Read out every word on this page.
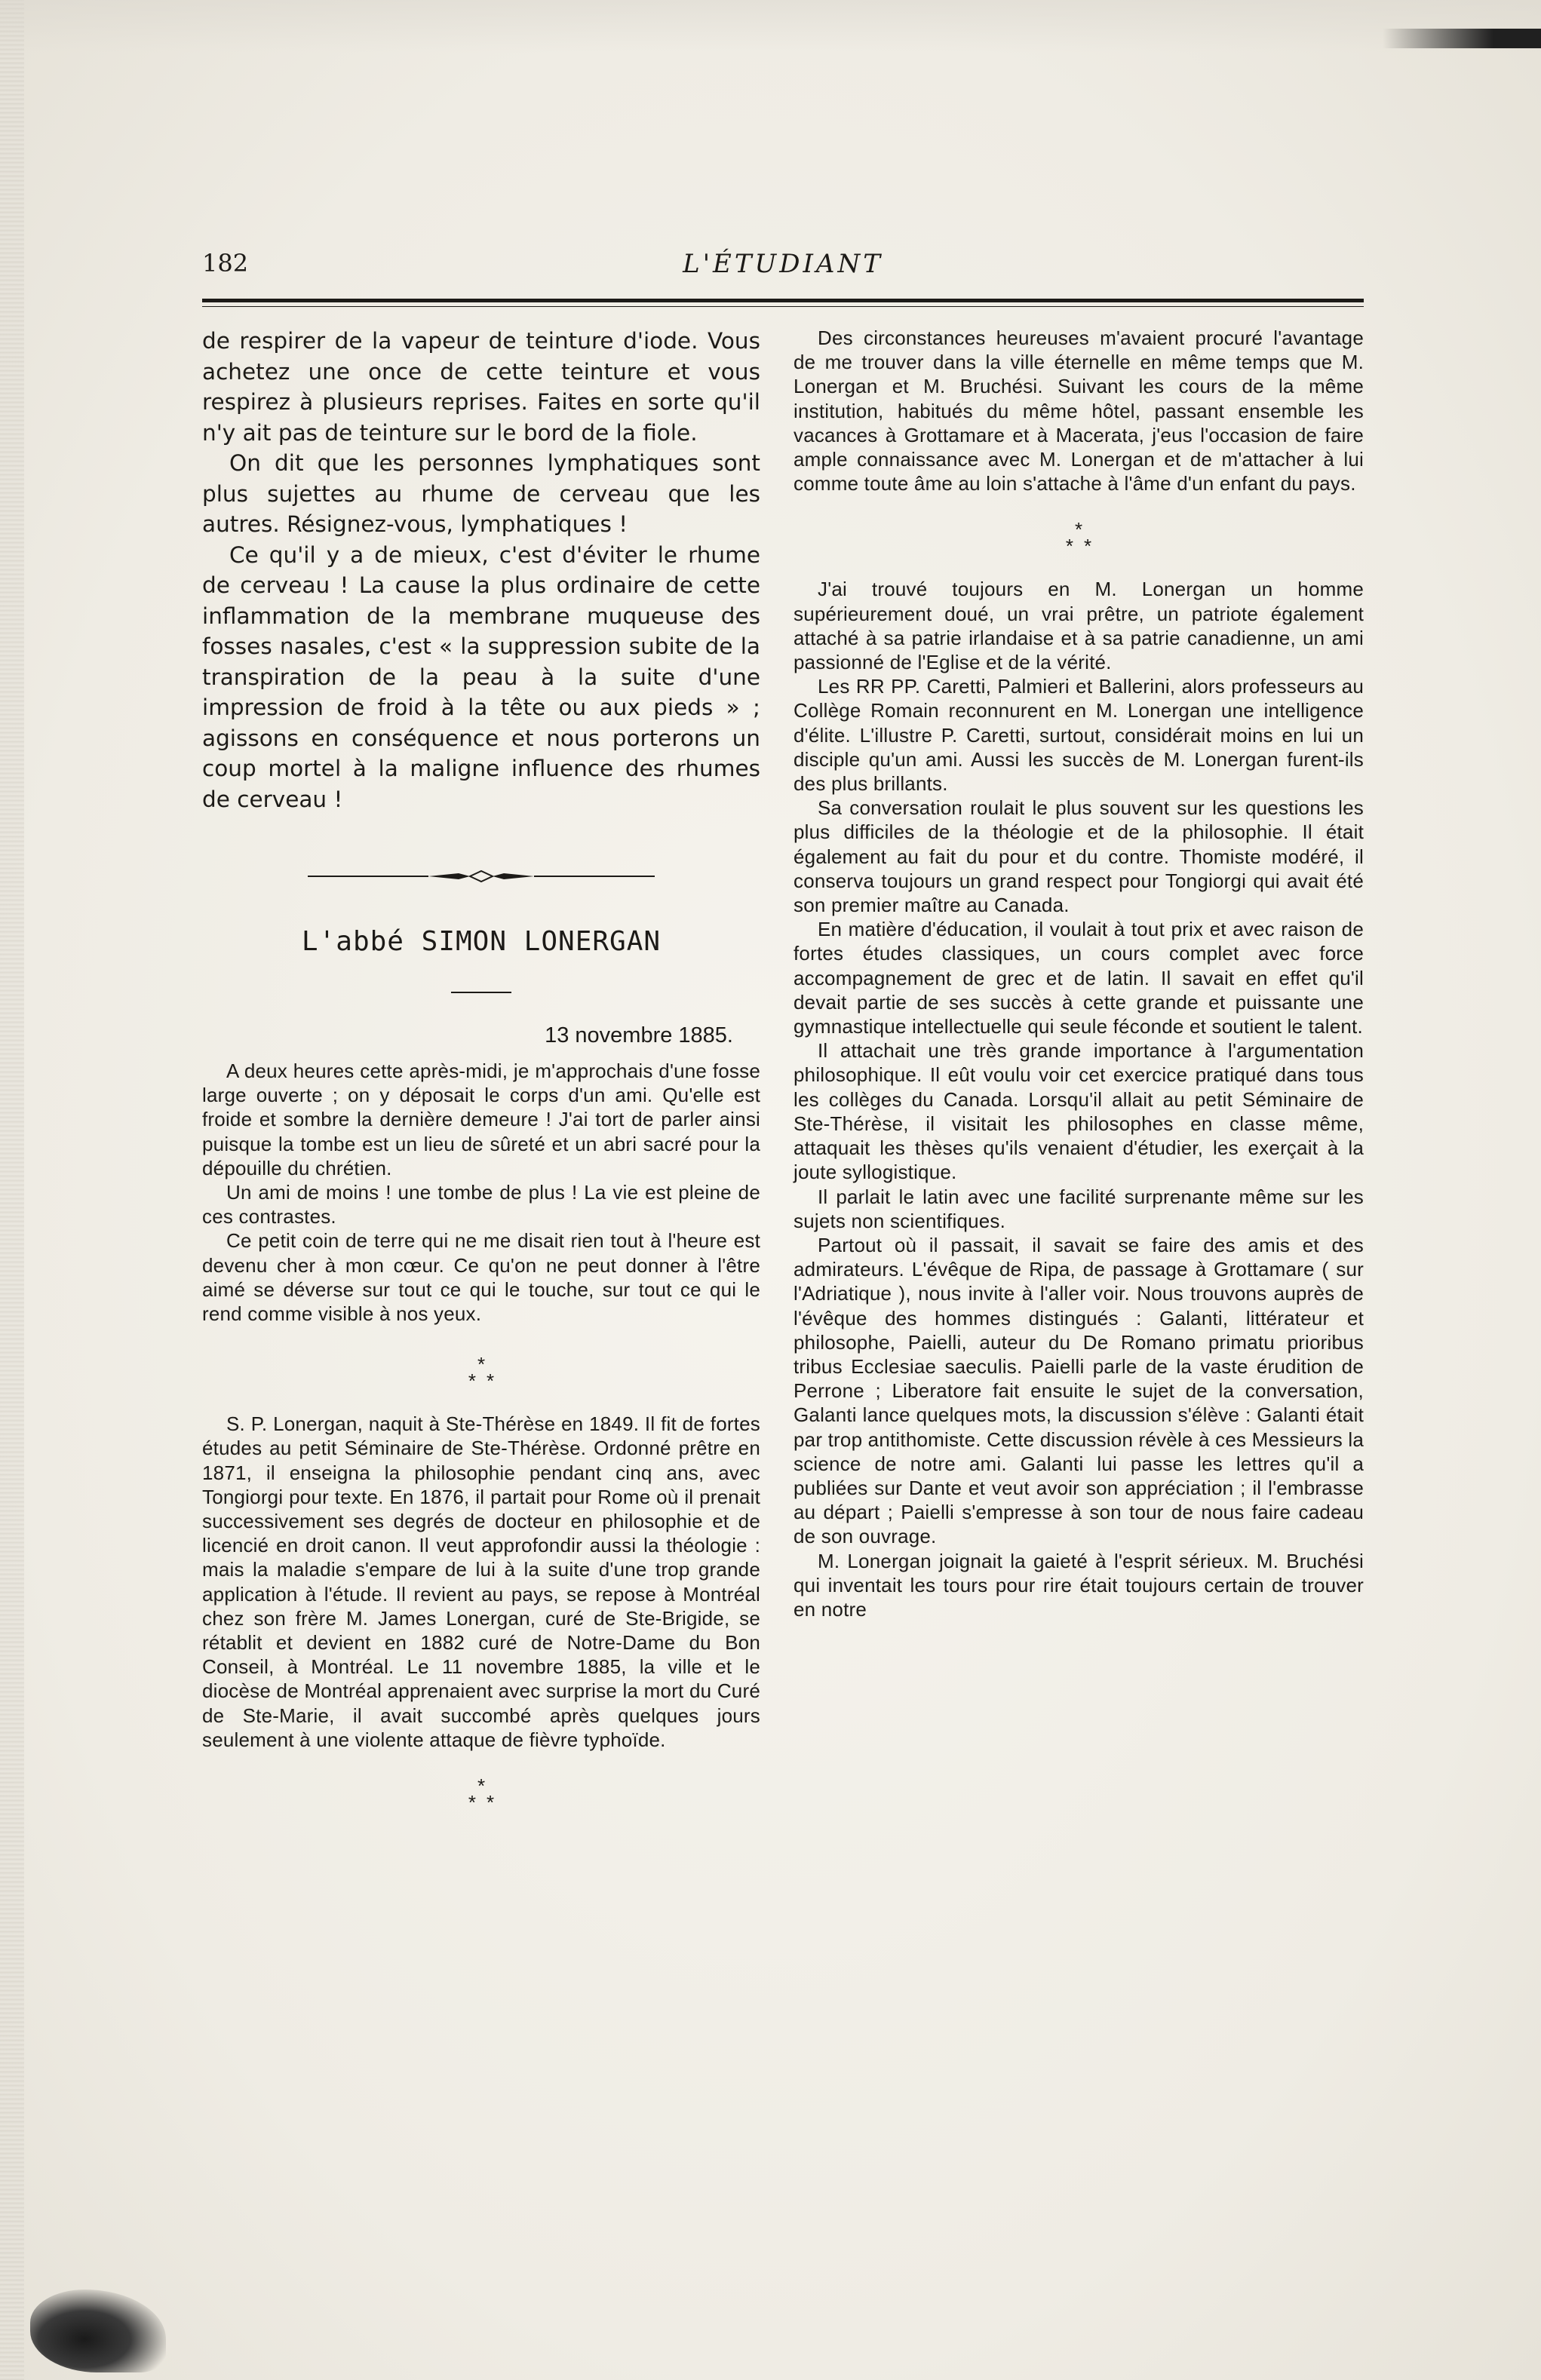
182	L'ÉTUDIANT

de respirer de la vapeur de teinture d'iode. Vous achetez une once de cette teinture et vous respirez à plusieurs reprises. Faites en sorte qu'il n'y ait pas de teinture sur le bord de la fiole.

On dit que les personnes lymphatiques sont plus sujettes au rhume de cerveau que les autres. Résignez-vous, lymphatiques !

Ce qu'il y a de mieux, c'est d'éviter le rhume de cerveau ! La cause la plus ordinaire de cette inflammation de la membrane muqueuse des fosses nasales, c'est « la suppression subite de la transpiration de la peau à la suite d'une impression de froid à la tête ou aux pieds » ; agissons en conséquence et nous porterons un coup mortel à la maligne influence des rhumes de cerveau !

L'abbé SIMON LONERGAN
13 novembre 1885.

A deux heures cette après-midi, je m'approchais d'une fosse large ouverte ; on y déposait le corps d'un ami. Qu'elle est froide et sombre la dernière demeure ! J'ai tort de parler ainsi puisque la tombe est un lieu de sûreté et un abri sacré pour la dépouille du chrétien.

Un ami de moins ! une tombe de plus ! La vie est pleine de ces contrastes.

Ce petit coin de terre qui ne me disait rien tout à l'heure est devenu cher à mon cœur. Ce qu'on ne peut donner à l'être aimé se déverse sur tout ce qui le touche, sur tout ce qui le rend comme visible à nos yeux.

*
**

S. P. Lonergan, naquit à Ste-Thérèse en 1849. Il fit de fortes études au petit Séminaire de Ste-Thérèse. Ordonné prêtre en 1871, il enseigna la philosophie pendant cinq ans, avec Tongiorgi pour texte. En 1876, il partait pour Rome où il prenait successivement ses degrés de docteur en philosophie et de licencié en droit canon. Il veut approfondir aussi la théologie : mais la maladie s'empare de lui à la suite d'une trop grande application à l'étude. Il revient au pays, se repose à Montréal chez son frère M. James Lonergan, curé de Ste-Brigide, se rétablit et devient en 1882 curé de Notre-Dame du Bon Conseil, à Montréal. Le 11 novembre 1885, la ville et le diocèse de Montréal apprenaient avec surprise la mort du Curé de Ste-Marie, il avait succombé après quelques jours seulement à une violente attaque de fièvre typhoïde.

*
**

Des circonstances heureuses m'avaient procuré l'avantage de me trouver dans la ville éternelle en même temps que M. Lonergan et M. Bruchési. Suivant les cours de la même institution, habitués du même hôtel, passant ensemble les vacances à Grottamare et à Macerata, j'eus l'occasion de faire ample connaissance avec M. Lonergan et de m'attacher à lui comme toute âme au loin s'attache à l'âme d'un enfant du pays.

*
**

J'ai trouvé toujours en M. Lonergan un homme supérieurement doué, un vrai prêtre, un patriote également attaché à sa patrie irlandaise et à sa patrie canadienne, un ami passionné de l'Eglise et de la vérité.

Les RR PP. Caretti, Palmieri et Ballerini, alors professeurs au Collège Romain reconnurent en M. Lonergan une intelligence d'élite. L'illustre P. Caretti, surtout, considérait moins en lui un disciple qu'un ami. Aussi les succès de M. Lonergan furent-ils des plus brillants.

Sa conversation roulait le plus souvent sur les questions les plus difficiles de la théologie et de la philosophie. Il était également au fait du pour et du contre. Thomiste modéré, il conserva toujours un grand respect pour Tongiorgi qui avait été son premier maître au Canada.

En matière d'éducation, il voulait à tout prix et avec raison de fortes études classiques, un cours complet avec force accompagnement de grec et de latin. Il savait en effet qu'il devait partie de ses succès à cette grande et puissante une gymnastique intellectuelle qui seule féconde et soutient le talent.

Il attachait une très grande importance à l'argumentation philosophique. Il eût voulu voir cet exercice pratiqué dans tous les collèges du Canada. Lorsqu'il allait au petit Séminaire de Ste-Thérèse, il visitait les philosophes en classe même, attaquait les thèses qu'ils venaient d'étudier, les exerçait à la joute syllogistique.

Il parlait le latin avec une facilité surprenante même sur les sujets non scientifiques.

Partout où il passait, il savait se faire des amis et des admirateurs. L'évêque de Ripa, de passage à Grottamare ( sur l'Adriatique ), nous invite à l'aller voir. Nous trouvons auprès de l'évêque des hommes distingués : Galanti, littérateur et philosophe, Paielli, auteur du De Romano primatu prioribus tribus Ecclesiae saeculis. Paielli parle de la vaste érudition de Perrone ; Liberatore fait ensuite le sujet de la conversation, Galanti lance quelques mots, la discussion s'élève : Galanti était par trop antithomiste. Cette discussion révèle à ces Messieurs la science de notre ami. Galanti lui passe les lettres qu'il a publiées sur Dante et veut avoir son appréciation ; il l'embrasse au départ ; Paielli s'empresse à son tour de nous faire cadeau de son ouvrage.

M. Lonergan joignait la gaieté à l'esprit sérieux. M. Bruchési qui inventait les tours pour rire était toujours certain de trouver en notre
